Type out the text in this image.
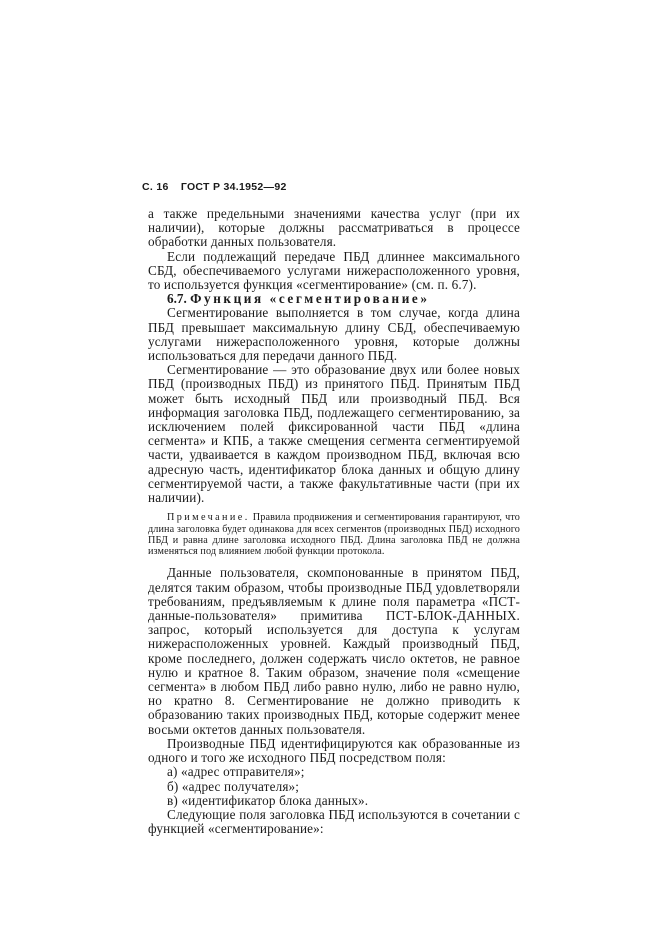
С. 16 ГОСТ Р 34.1952—92

а также предельными значениями качества услуг (при их наличии), которые должны рассматриваться в процессе обработки данных пользователя.

Если подлежащий передаче ПБД длиннее максимального СБД, обеспечиваемого услугами нижерасположенного уровня, то используется функция «сегментирование» (см. п. 6.7).

6.7. Функция «сегментирование»

Сегментирование выполняется в том случае, когда длина ПБД превышает максимальную длину СБД, обеспечиваемую услугами нижерасположенного уровня, которые должны использоваться для передачи данного ПБД.

Сегментирование — это образование двух или более новых ПБД (производных ПБД) из принятого ПБД. Принятым ПБД может быть исходный ПБД или производный ПБД. Вся информация заголовка ПБД, подлежащего сегментированию, за исключением полей фиксированной части ПБД «длина сегмента» и КПБ, а также смещения сегмента сегментируемой части, удваивается в каждом производном ПБД, включая всю адресную часть, идентификатор блока данных и общую длину сегментируемой части, а также факультативные части (при их наличии).

Примечание. Правила продвижения и сегментирования гарантируют, что длина заголовка будет одинакова для всех сегментов (производных ПБД) исходного ПБД и равна длине заголовка исходного ПБД. Длина заголовка ПБД не должна изменяться под влиянием любой функции протокола.

Данные пользователя, скомпонованные в принятом ПБД, делятся таким образом, чтобы производные ПБД удовлетворяли требованиям, предъявляемым к длине поля параметра «ПСТ-данные-пользователя» примитива ПСТ-БЛОК-ДАННЫХ. запрос, который используется для доступа к услугам нижерасположенных уровней. Каждый производный ПБД, кроме последнего, должен содержать число октетов, не равное нулю и кратное 8. Таким образом, значение поля «смещение сегмента» в любом ПБД либо равно нулю, либо не равно нулю, но кратно 8. Сегментирование не должно приводить к образованию таких производных ПБД, которые содержит менее восьми октетов данных пользователя.

Производные ПБД идентифицируются как образованные из одного и того же исходного ПБД посредством поля:

а) «адрес отправителя»;

б) «адрес получателя»;

в) «идентификатор блока данных».

Следующие поля заголовка ПБД используются в сочетании с функцией «сегментирование»:
